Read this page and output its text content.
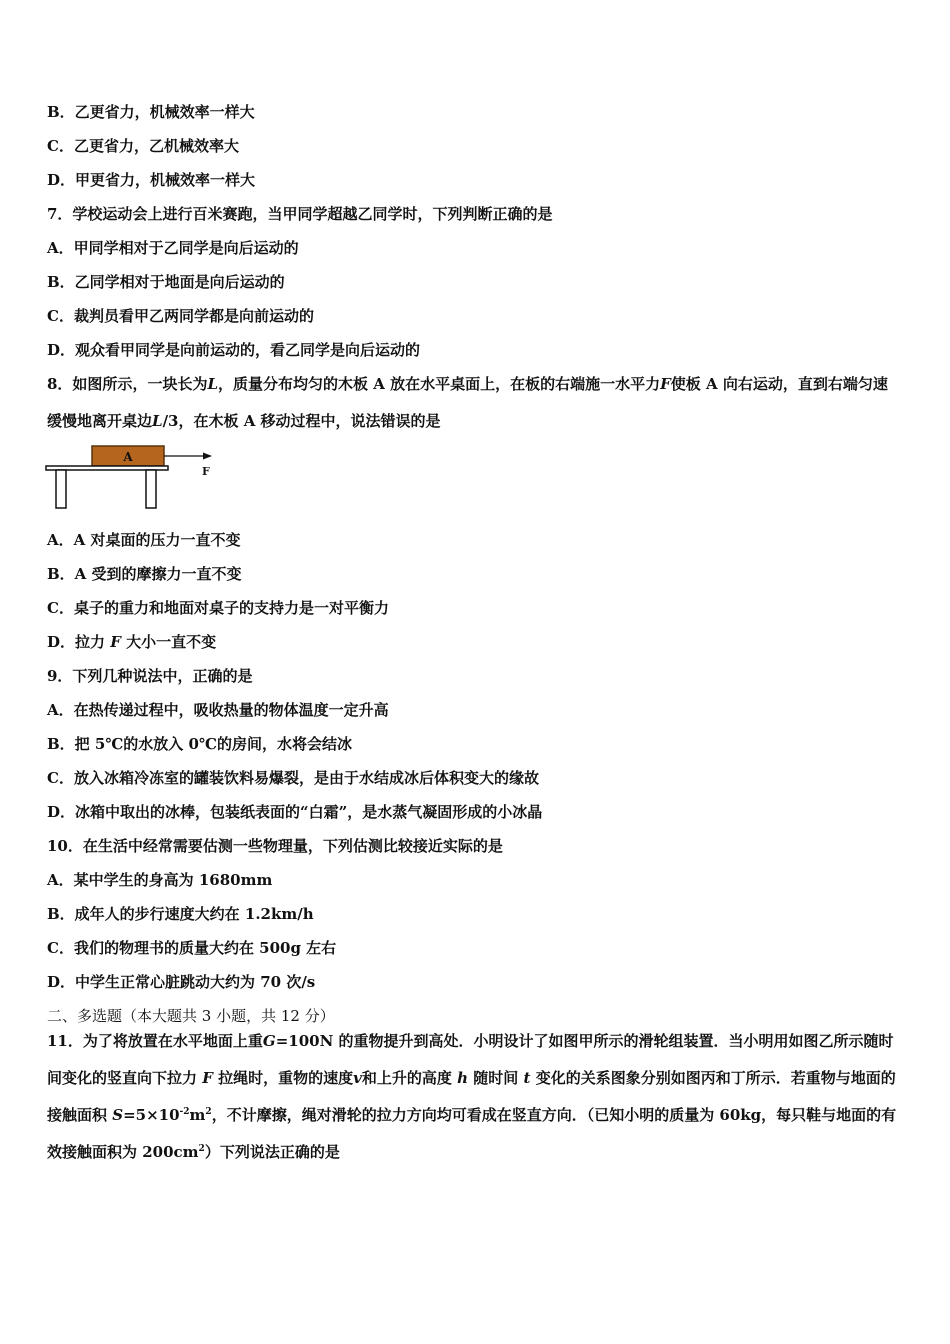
B．乙更省力，机械效率一样大
C．乙更省力，乙机械效率大
D．甲更省力，机械效率一样大
7．学校运动会上进行百米赛跑，当甲同学超越乙同学时，下列判断正确的是
A．甲同学相对于乙同学是向后运动的
B．乙同学相对于地面是向后运动的
C．裁判员看甲乙两同学都是向前运动的
D．观众看甲同学是向前运动的，看乙同学是向后运动的
8．如图所示，一块长为L，质量分布均匀的木板 A 放在水平桌面上，在板的右端施一水平力F使板 A 向右运动，直到右端匀速缓慢地离开桌边L/3，在木板 A 移动过程中，说法错误的是
A
F
A．A 对桌面的压力一直不变
B．A 受到的摩擦力一直不变
C．桌子的重力和地面对桌子的支持力是一对平衡力
D．拉力 F 大小一直不变
9．下列几种说法中，正确的是
A．在热传递过程中，吸收热量的物体温度一定升高
B．把 5℃的水放入 0℃的房间，水将会结冰
C．放入冰箱冷冻室的罐装饮料易爆裂，是由于水结成冰后体积变大的缘故
D．冰箱中取出的冰棒，包装纸表面的“白霜”，是水蒸气凝固形成的小冰晶
10．在生活中经常需要估测一些物理量，下列估测比较接近实际的是
A．某中学生的身高为 1680mm
B．成年人的步行速度大约在 1.2km/h
C．我们的物理书的质量大约在 500g 左右
D．中学生正常心脏跳动大约为 70 次/s
二、多选题（本大题共 3 小题，共 12 分）
11．为了将放置在水平地面上重G=100N 的重物提升到高处．小明设计了如图甲所示的滑轮组装置．当小明用如图乙所示随时间变化的竖直向下拉力 F 拉绳时，重物的速度v和上升的高度 h 随时间 t 变化的关系图象分别如图丙和丁所示．若重物与地面的接触面积 $S=5\times 10^{-2}m^2$，不计摩擦，绳对滑轮的拉力方向均可看成在竖直方向．（已知小明的质量为 60kg，每只鞋与地面的有效接触面积为 $200cm^2$）下列说法正确的是
